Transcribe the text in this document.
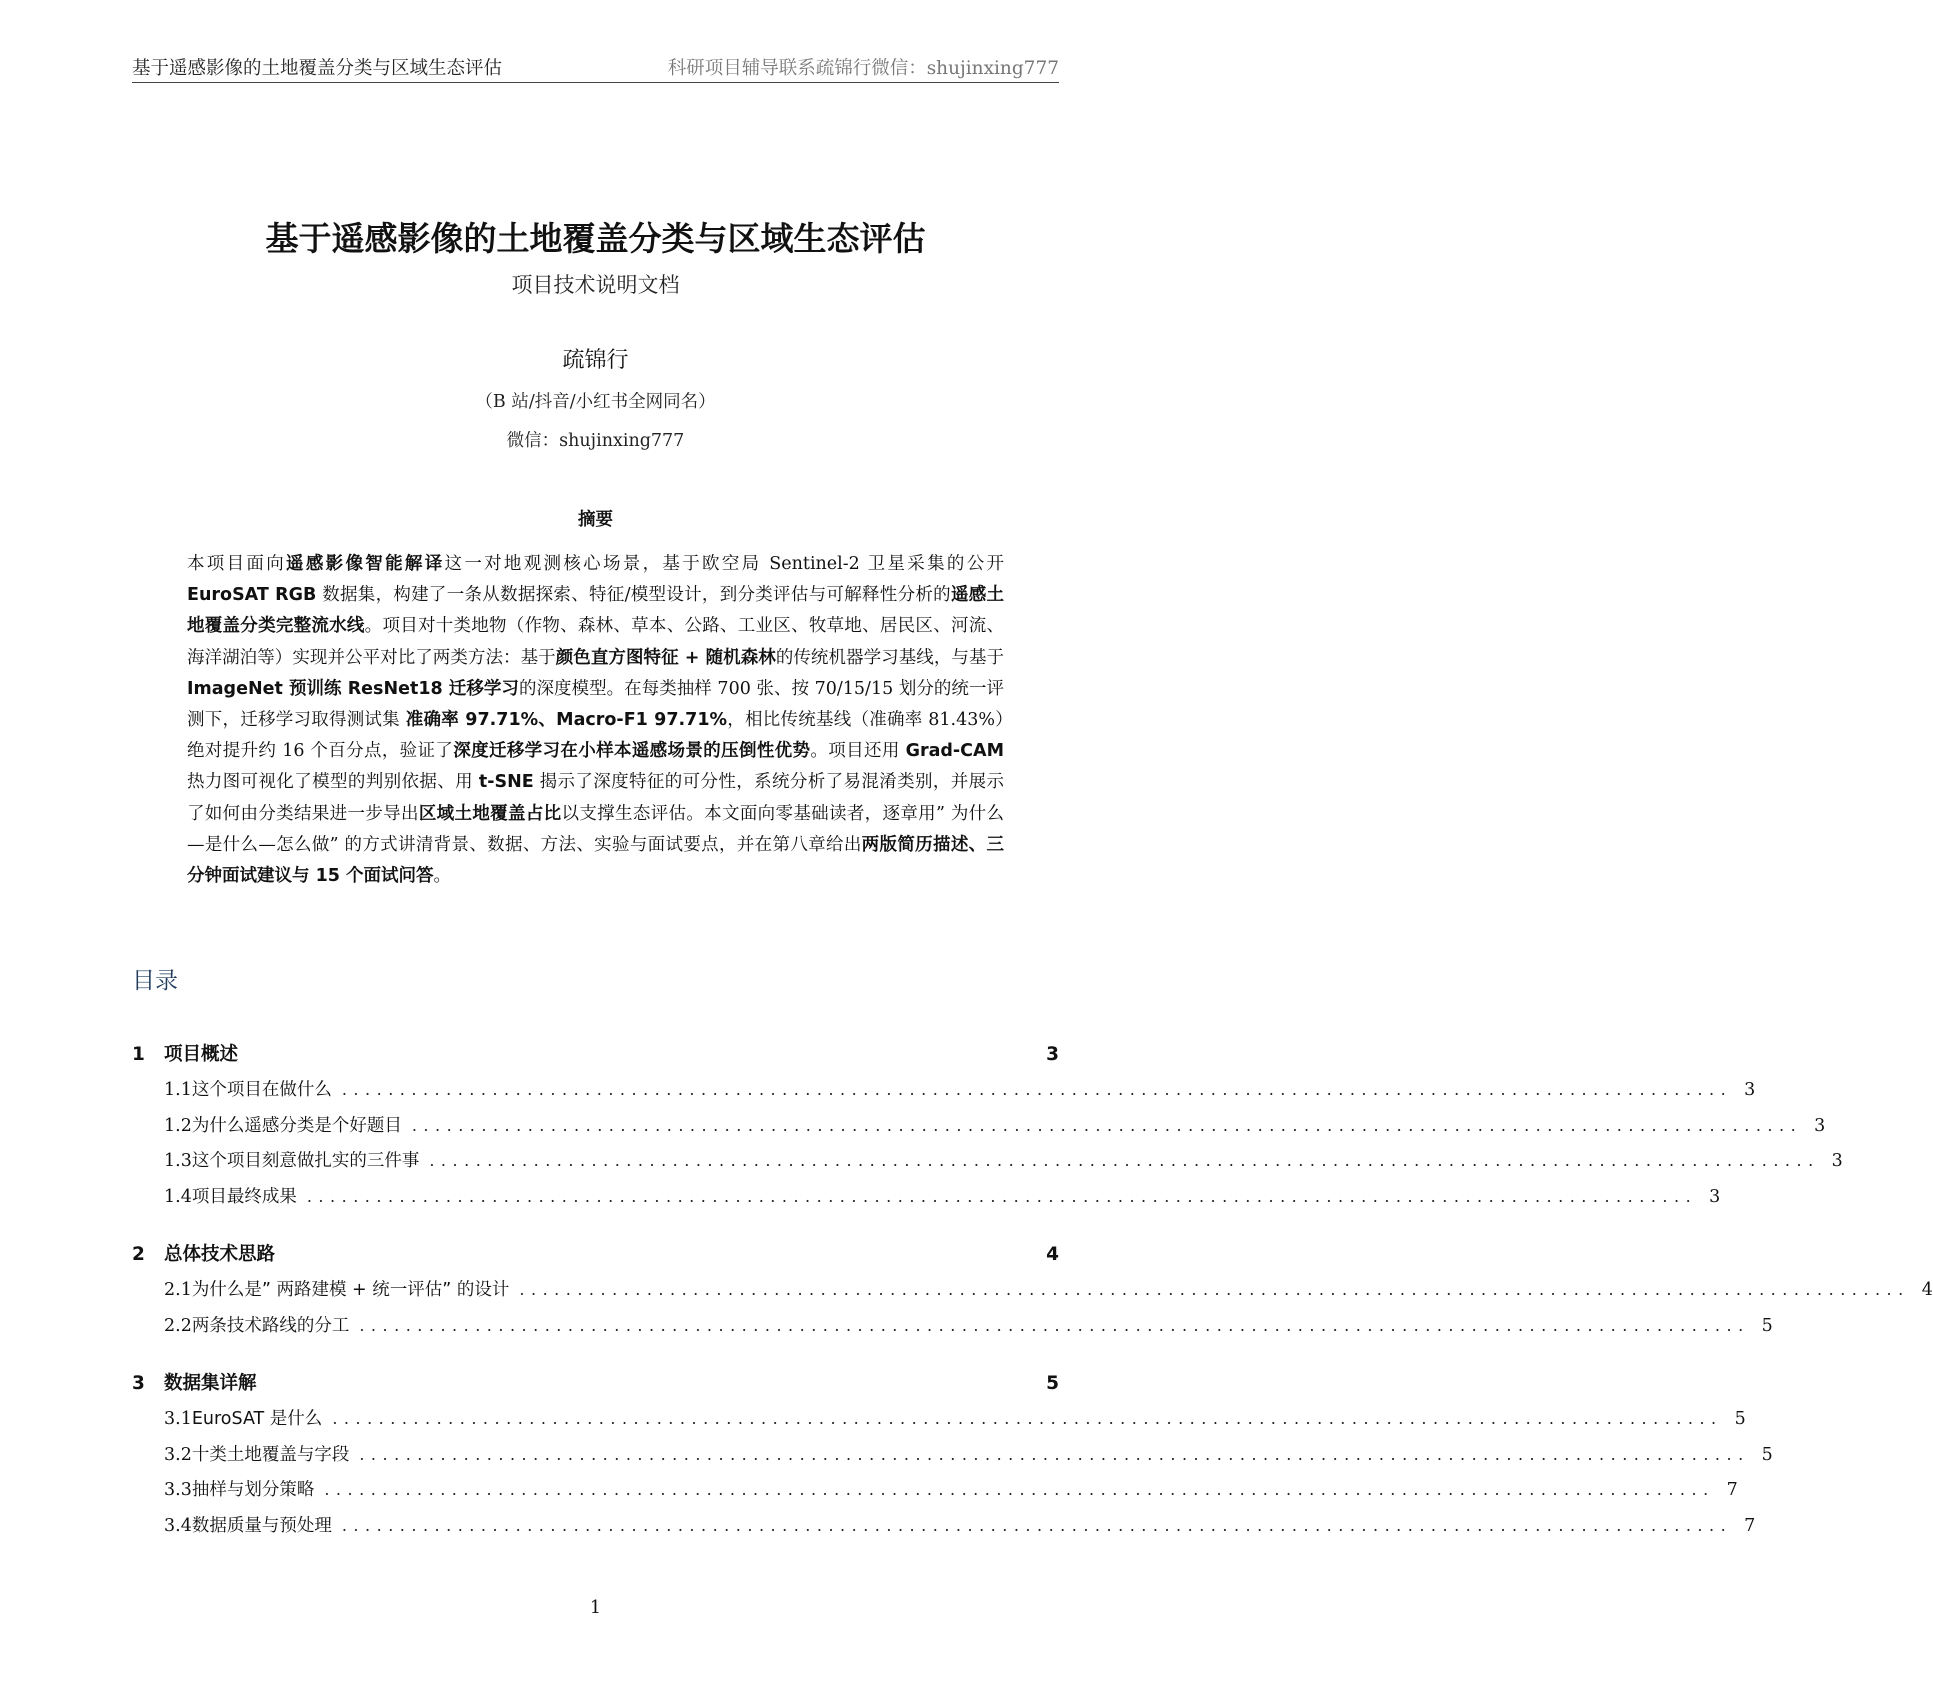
基于遥感影像的土地覆盖分类与区域生态评估	科研项目辅导联系疏锦行微信：shujinxing777
基于遥感影像的土地覆盖分类与区域生态评估
项目技术说明文档
疏锦行
（B 站/抖音/小红书全网同名）
微信：shujinxing777
摘要
本项目面向遥感影像智能解译这一对地观测核心场景，基于欧空局 Sentinel-2 卫星采集的公开 EuroSAT RGB 数据集，构建了一条从数据探索、特征/模型设计，到分类评估与可解释性分析的遥感土地覆盖分类完整流水线。项目对十类地物（作物、森林、草本、公路、工业区、牧草地、居民区、河流、海洋湖泊等）实现并公平对比了两类方法：基于颜色直方图特征 + 随机森林的传统机器学习基线，与基于 ImageNet 预训练 ResNet18 迁移学习的深度模型。在每类抽样 700 张、按 70/15/15 划分的统一评测下，迁移学习取得测试集 准确率 97.71%、Macro-F1 97.71%，相比传统基线（准确率 81.43%）绝对提升约 16 个百分点，验证了深度迁移学习在小样本遥感场景的压倒性优势。项目还用 Grad-CAM 热力图可视化了模型的判别依据、用 t-SNE 揭示了深度特征的可分性，系统分析了易混淆类别，并展示了如何由分类结果进一步导出区域土地覆盖占比以支撑生态评估。本文面向零基础读者，逐章用” 为什么—是什么—怎么做” 的方式讲清背景、数据、方法、实验与面试要点，并在第八章给出两版简历描述、三分钟面试建议与 15 个面试问答。
目录
1	项目概述	3
1.1 这个项目在做什么 ........................................................................................................................ 3
1.2 为什么遥感分类是个好题目 ........................................................................................................................ 3
1.3 这个项目刻意做扎实的三件事 ........................................................................................................................ 3
1.4 项目最终成果 ........................................................................................................................ 3
2	总体技术思路	4
2.1 为什么是” 两路建模 + 统一评估” 的设计 ........................................................................................................................ 4
2.2 两条技术路线的分工 ........................................................................................................................ 5
3	数据集详解	5
3.1 EuroSAT 是什么 ........................................................................................................................ 5
3.2 十类土地覆盖与字段 ........................................................................................................................ 5
3.3 抽样与划分策略 ........................................................................................................................ 7
3.4 数据质量与预处理 ........................................................................................................................ 7
1
